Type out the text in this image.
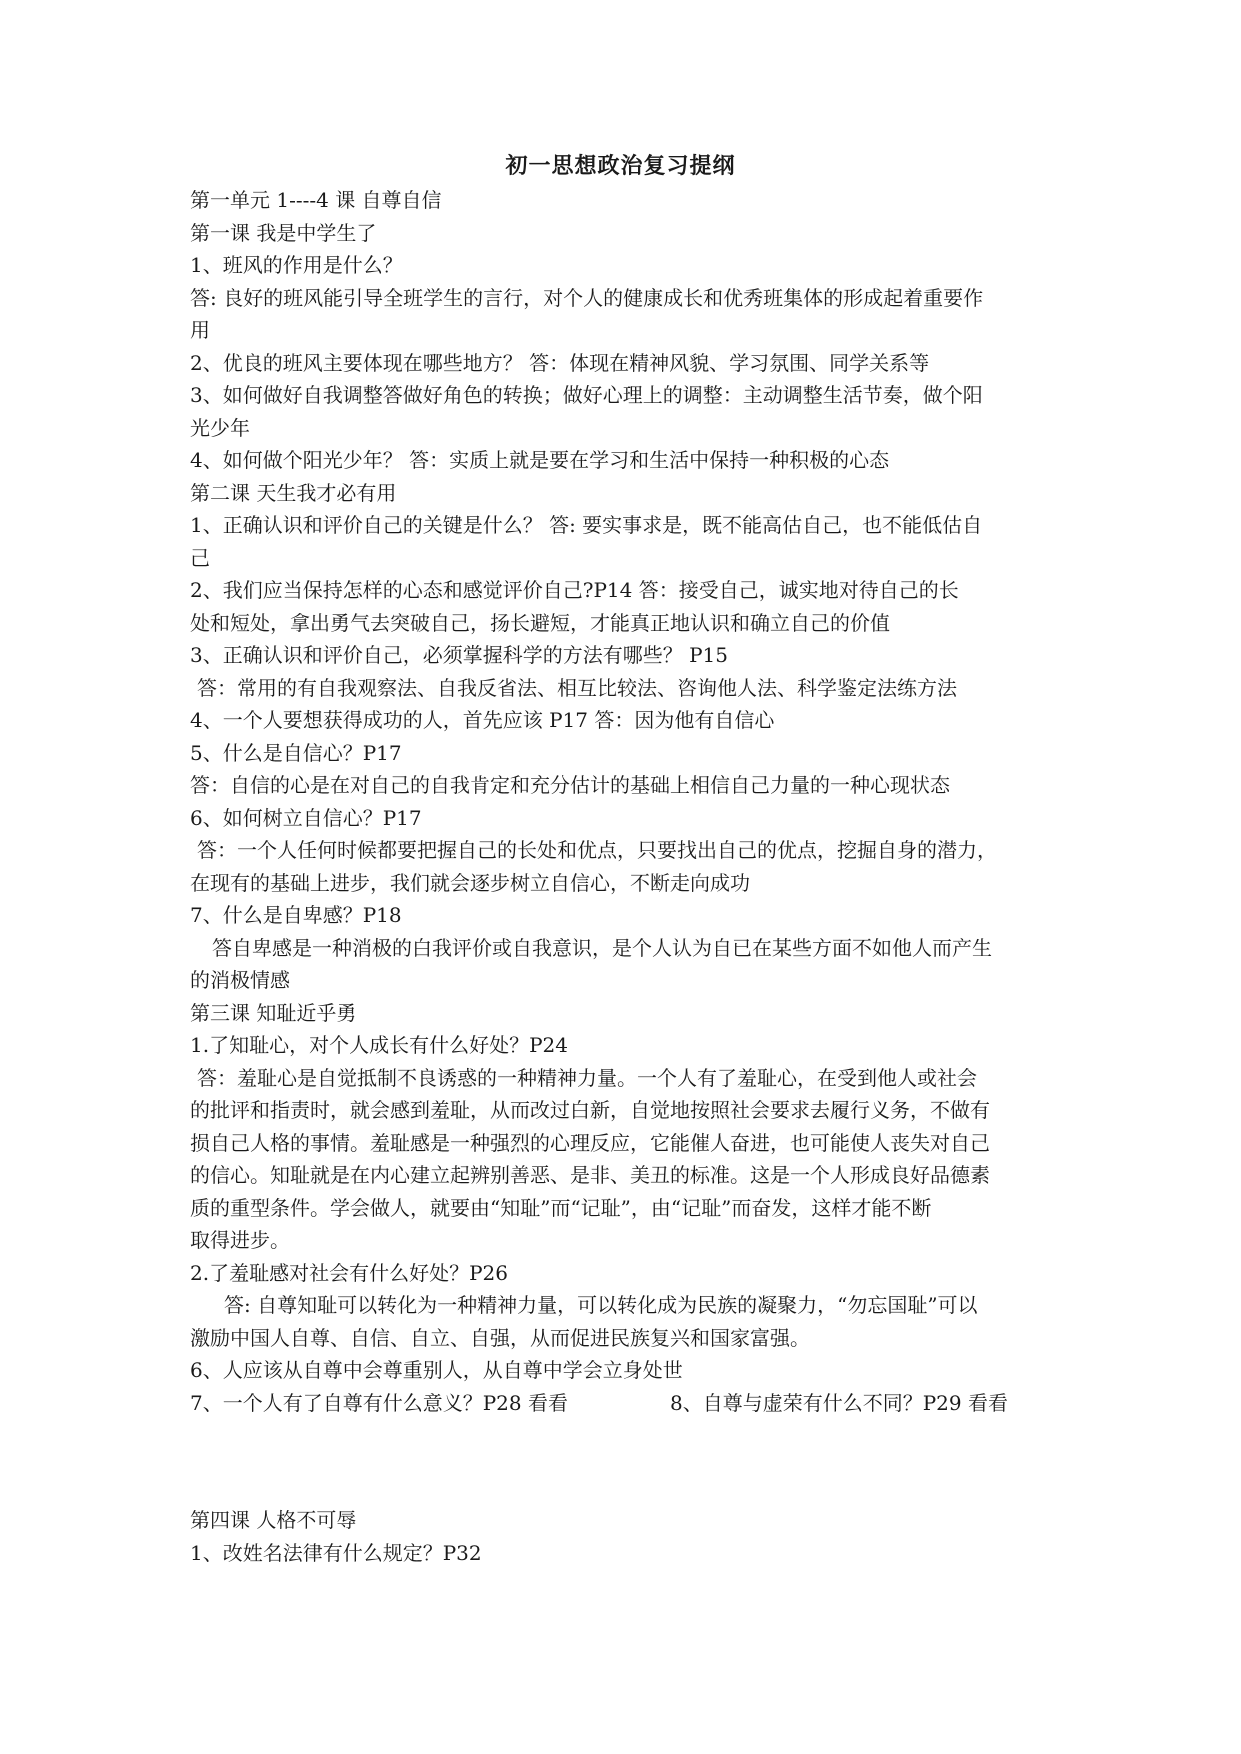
初一思想政治复习提纲
第一单元 1----4 课 自尊自信
第一课 我是中学生了
1、班风的作用是什么？
答: 良好的班风能引导全班学生的言行，对个人的健康成长和优秀班集体的形成起着重要作
用
2、优良的班风主要体现在哪些地方？ 答：体现在精神风貌、学习氛围、同学关系等
3、如何做好自我调整答做好角色的转换；做好心理上的调整：主动调整生活节奏，做个阳
光少年
4、如何做个阳光少年？ 答：实质上就是要在学习和生活中保持一种积极的心态
第二课 天生我才必有用
1、正确认识和评价自己的关键是什么？ 答: 要实事求是，既不能高估自己，也不能低估自
己
2、我们应当保持怎样的心态和感觉评价自己?P14 答：接受自己，诚实地对待自己的长
处和短处，拿出勇气去突破自己，扬长避短，才能真正地认识和确立自己的价值
3、正确认识和评价自己，必须掌握科学的方法有哪些？ P15
答：常用的有自我观察法、自我反省法、相互比较法、咨询他人法、科学鉴定法练方法
4、一个人要想获得成功的人，首先应该 P17 答：因为他有自信心
5、什么是自信心？P17
答：自信的心是在对自己的自我肯定和充分估计的基础上相信自己力量的一种心现状态
6、如何树立自信心？P17
答：一个人任何时候都要把握自己的长处和优点，只要找出自己的优点，挖掘自身的潜力，
在现有的基础上进步，我们就会逐步树立自信心，不断走向成功
7、什么是自卑感？P18
答自卑感是一种消极的白我评价或自我意识，是个人认为自已在某些方面不如他人而产生
的消极情感
第三课 知耻近乎勇
1.了知耻心，对个人成长有什么好处？P24
答：羞耻心是自觉抵制不良诱惑的一种精神力量。一个人有了羞耻心，在受到他人或社会
的批评和指责时，就会感到羞耻，从而改过白新，自觉地按照社会要求去履行义务，不做有
损自己人格的事情。羞耻感是一种强烈的心理反应，它能催人奋进，也可能使人丧失对自己
的信心。知耻就是在内心建立起辨别善恶、是非、美丑的标准。这是一个人形成良好品德素
质的重型条件。学会做人，就要由“知耻”而“记耻”，由“记耻”而奋发，这样才能不断
取得进步。
2.了羞耻感对社会有什么好处？P26
答: 自尊知耻可以转化为一种精神力量，可以转化成为民族的凝聚力，“勿忘国耻”可以
激励中国人自尊、自信、自立、自强，从而促进民族复兴和国家富强。
6、人应该从自尊中会尊重别人，从自尊中学会立身处世
7、一个人有了自尊有什么意义？P28 看看	8、自尊与虚荣有什么不同？P29 看看
第四课 人格不可辱
1、改姓名法律有什么规定？P32
